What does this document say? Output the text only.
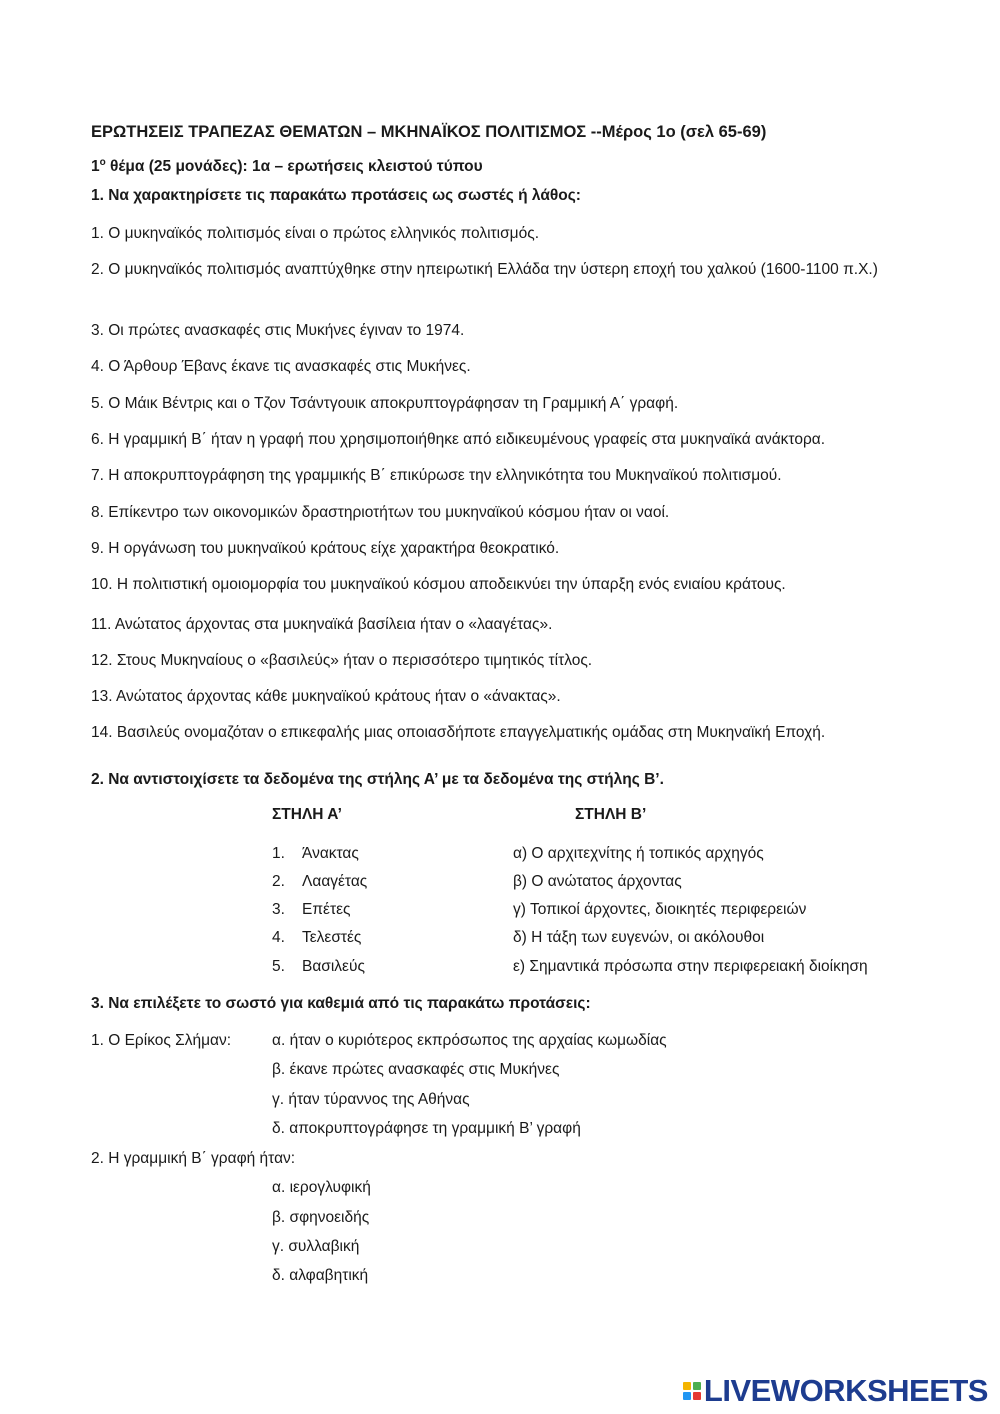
ΕΡΩΤΗΣΕΙΣ ΤΡΑΠΕΖΑΣ ΘΕΜΑΤΩΝ – ΜΚΗΝΑΪΚΟΣ ΠΟΛΙΤΙΣΜΟΣ --Μέρος 1ο (σελ 65-69)
$1^o$ θέμα (25 μονάδες): 1α – ερωτήσεις κλειστού τύπου
1. Να χαρακτηρίσετε τις παρακάτω προτάσεις ως σωστές ή λάθος:
1. Ο μυκηναϊκός πολιτισμός είναι ο πρώτος ελληνικός πολιτισμός.
2. Ο μυκηναϊκός πολιτισμός αναπτύχθηκε στην ηπειρωτική Ελλάδα την ύστερη εποχή του χαλκού (1600-1100 π.Χ.)
3. Οι πρώτες ανασκαφές στις Μυκήνες έγιναν το 1974.
4. Ο Άρθουρ Έβανς έκανε τις ανασκαφές στις Μυκήνες.
5. Ο Μάικ Βέντρις και ο Τζον Τσάντγουικ αποκρυπτογράφησαν τη Γραμμική Α΄ γραφή.
6. Η γραμμική Β΄ ήταν η γραφή που χρησιμοποιήθηκε από ειδικευμένους γραφείς στα μυκηναϊκά ανάκτορα.
7. Η αποκρυπτογράφηση της γραμμικής Β΄ επικύρωσε την ελληνικότητα του Μυκηναϊκού πολιτισμού.
8. Επίκεντρο των οικονομικών δραστηριοτήτων του μυκηναϊκού κόσμου ήταν οι ναοί.
9. Η οργάνωση του μυκηναϊκού κράτους είχε χαρακτήρα θεοκρατικό.
10. Η πολιτιστική ομοιομορφία του μυκηναϊκού κόσμου αποδεικνύει την ύπαρξη ενός ενιαίου κράτους.
11. Ανώτατος άρχοντας στα μυκηναϊκά βασίλεια ήταν ο «λααγέτας».
12. Στους Μυκηναίους ο «βασιλεύς» ήταν ο περισσότερο τιμητικός τίτλος.
13. Ανώτατος άρχοντας κάθε μυκηναϊκού κράτους ήταν ο «άνακτας».
14. Βασιλεύς ονομαζόταν ο επικεφαλής μιας οποιασδήποτε επαγγελματικής ομάδας στη Μυκηναϊκή Εποχή.
2. Να αντιστοιχίσετε τα δεδομένα της στήλης Α’ με τα δεδομένα της στήλης Β’.
ΣΤΗΛΗ Α’	ΣΤΗΛΗ Β’
1. Άνακτας	α) Ο αρχιτεχνίτης ή τοπικός αρχηγός
2. Λααγέτας	β) Ο ανώτατος άρχοντας
3. Επέτες	γ) Τοπικοί άρχοντες, διοικητές περιφερειών
4. Τελεστές	δ) Η τάξη των ευγενών, οι ακόλουθοι
5. Βασιλεύς	ε) Σημαντικά πρόσωπα στην περιφερειακή διοίκηση
3. Να επιλέξετε το σωστό για καθεμιά από τις παρακάτω προτάσεις:
1. Ο Ερίκος Σλήμαν:	α. ήταν ο κυριότερος εκπρόσωπος της αρχαίας κωμωδίας
β. έκανε πρώτες ανασκαφές στις Μυκήνες
γ. ήταν τύραννος της Αθήνας
δ. αποκρυπτογράφησε τη γραμμική Β’ γραφή
2. Η γραμμική Β΄ γραφή ήταν:
α. ιερογλυφική
β. σφηνοειδής
γ. συλλαβική
δ. αλφαβητική
LIVEWORKSHEETS
